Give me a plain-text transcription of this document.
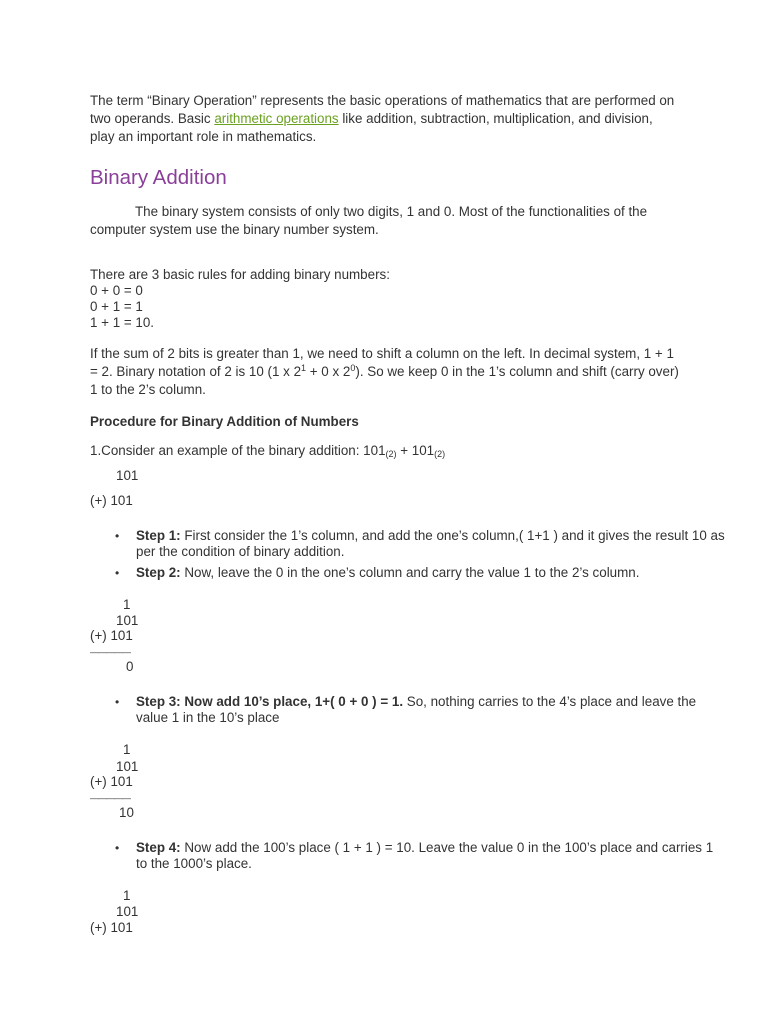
The term “Binary Operation” represents the basic operations of mathematics that are performed on two operands. Basic arithmetic operations like addition, subtraction, multiplication, and division, play an important role in mathematics.

Binary Addition

The binary system consists of only two digits, 1 and 0. Most of the functionalities of the computer system use the binary number system.

There are 3 basic rules for adding binary numbers:
0 + 0 = 0
0 + 1 = 1
1 + 1 = 10.

If the sum of 2 bits is greater than 1, we need to shift a column on the left. In decimal system, 1 + 1 = 2. Binary notation of 2 is 10 (1 x $2^1 + 0$ x $2^0$). So we keep 0 in the 1’s column and shift (carry over) 1 to the 2’s column.

Procedure for Binary Addition of Numbers
1.Consider an example of the binary addition: $101_{(2)} + 101_{(2)}$
101
(+) 101
• Step 1: First consider the 1’s column, and add the one’s column,( 1+1 ) and it gives the result 10 as per the condition of binary addition.
• Step 2: Now, leave the 0 in the one’s column and carry the value 1 to the 2’s column.
1
101
(+) 101
—————
0
• Step 3: Now add 10’s place, 1+( 0 + 0 ) = 1. So, nothing carries to the 4’s place and leave the value 1 in the 10’s place
1
101
(+) 101
—————
10
• Step 4: Now add the 100’s place ( 1 + 1 ) = 10. Leave the value 0 in the 100’s place and carries 1 to the 1000’s place.
1
101
(+) 101
